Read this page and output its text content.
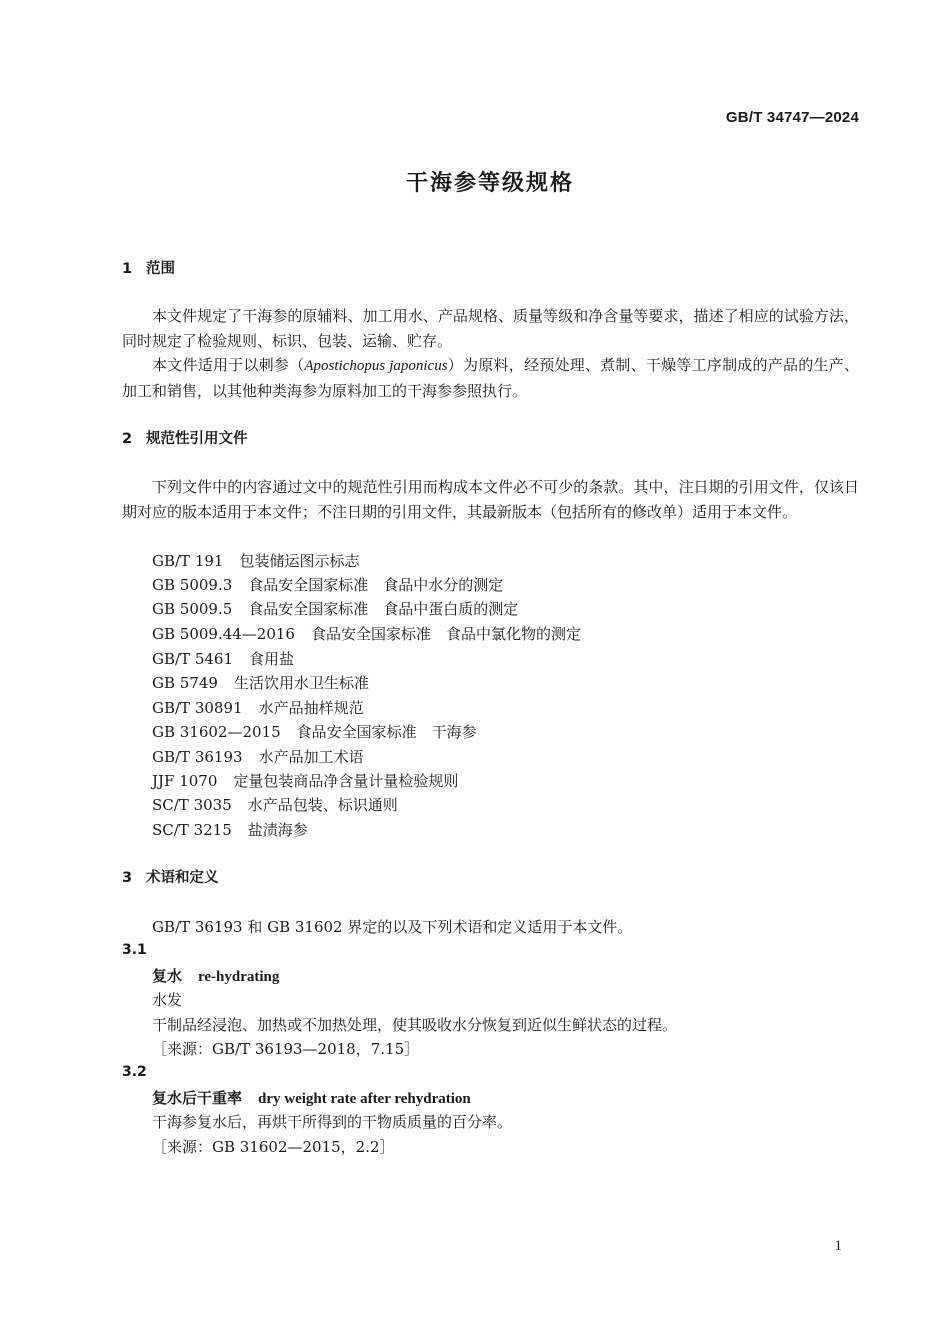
GB/T 34747—2024
干海参等级规格
1 范围
本文件规定了干海参的原辅料、加工用水、产品规格、质量等级和净含量等要求，描述了相应的试验方法，同时规定了检验规则、标识、包装、运输、贮存。
本文件适用于以刺参（Apostichopus japonicus）为原料，经预处理、煮制、干燥等工序制成的产品的生产、加工和销售，以其他种类海参为原料加工的干海参参照执行。
2 规范性引用文件
下列文件中的内容通过文中的规范性引用而构成本文件必不可少的条款。其中，注日期的引用文件，仅该日期对应的版本适用于本文件；不注日期的引用文件，其最新版本（包括所有的修改单）适用于本文件。
GB/T 191 包装储运图示标志
GB 5009.3 食品安全国家标准　食品中水分的测定
GB 5009.5 食品安全国家标准　食品中蛋白质的测定
GB 5009.44—2016 食品安全国家标准　食品中氯化物的测定
GB/T 5461 食用盐
GB 5749 生活饮用水卫生标准
GB/T 30891 水产品抽样规范
GB 31602—2015 食品安全国家标准　干海参
GB/T 36193 水产品加工术语
JJF 1070 定量包装商品净含量计量检验规则
SC/T 3035 水产品包装、标识通则
SC/T 3215 盐渍海参
3 术语和定义
GB/T 36193 和 GB 31602 界定的以及下列术语和定义适用于本文件。
3.1
复水 re-hydrating
水发
干制品经浸泡、加热或不加热处理，使其吸收水分恢复到近似生鲜状态的过程。
［来源：GB/T 36193—2018，7.15］
3.2
复水后干重率 dry weight rate after rehydration
干海参复水后，再烘干所得到的干物质质量的百分率。
［来源：GB 31602—2015，2.2］
1
